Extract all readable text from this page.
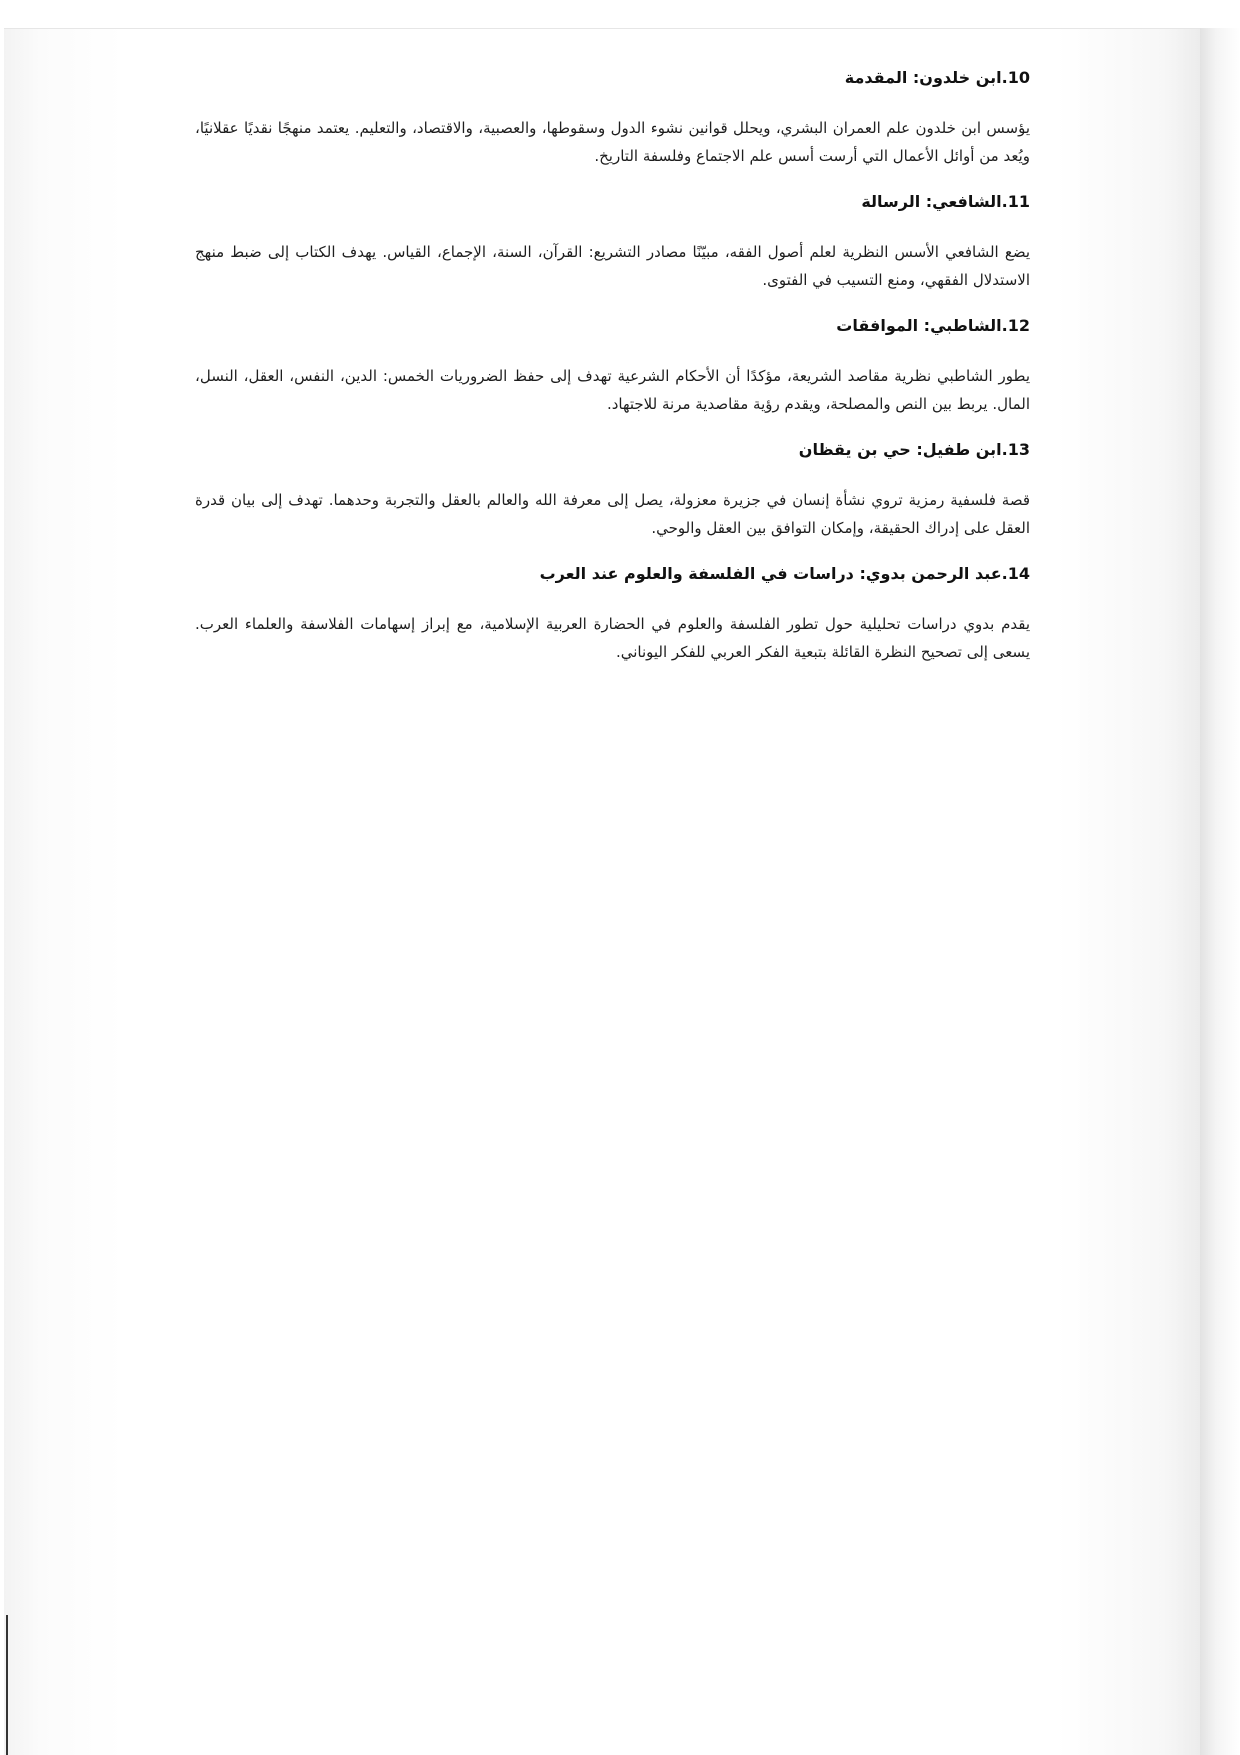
10.ابن خلدون: المقدمة

يؤسس ابن خلدون علم العمران البشري، ويحلل قوانين نشوء الدول وسقوطها، والعصبية، والاقتصاد، والتعليم. يعتمد منهجًا نقديًا عقلانيًا، ويُعد من أوائل الأعمال التي أرست أسس علم الاجتماع وفلسفة التاريخ.

11.الشافعي: الرسالة

يضع الشافعي الأسس النظرية لعلم أصول الفقه، مبيّنًا مصادر التشريع: القرآن، السنة، الإجماع، القياس. يهدف الكتاب إلى ضبط منهج الاستدلال الفقهي، ومنع التسيب في الفتوى.

12.الشاطبي: الموافقات

يطور الشاطبي نظرية مقاصد الشريعة، مؤكدًا أن الأحكام الشرعية تهدف إلى حفظ الضروريات الخمس: الدين، النفس، العقل، النسل، المال. يربط بين النص والمصلحة، ويقدم رؤية مقاصدية مرنة للاجتهاد.

13.ابن طفيل: حي بن يقظان

قصة فلسفية رمزية تروي نشأة إنسان في جزيرة معزولة، يصل إلى معرفة الله والعالم بالعقل والتجربة وحدهما. تهدف إلى بيان قدرة العقل على إدراك الحقيقة، وإمكان التوافق بين العقل والوحي.

14.عبد الرحمن بدوي: دراسات في الفلسفة والعلوم عند العرب

يقدم بدوي دراسات تحليلية حول تطور الفلسفة والعلوم في الحضارة العربية الإسلامية، مع إبراز إسهامات الفلاسفة والعلماء العرب. يسعى إلى تصحيح النظرة القائلة بتبعية الفكر العربي للفكر اليوناني.
